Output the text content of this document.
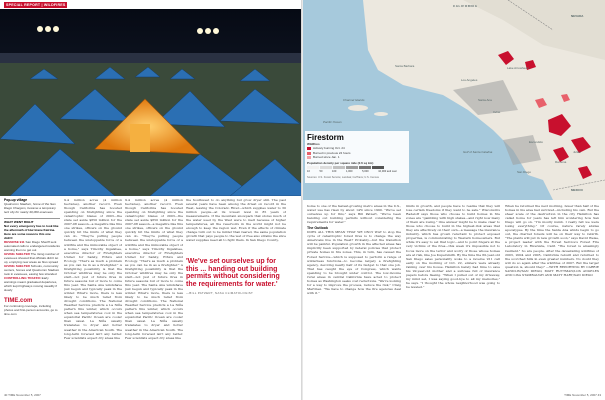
SPECIAL REPORT | WILDFIRES
Pop-up village
Qualcomm Stadium, home of the San Diego Chargers, became a temporary tent city for nearly 40,000 evacuees
WHAT WENT RIGHT
Not every emergency has to look like the aftermath of Hurricane Katrina. Here are some reasons this one didn't:
REVERSE 911 San Diego Sheriff sent automated calls to endangered residents warning them to get out
GIVING SHELTER The rising number of evacuees showed that officials didn't let up, emptying new areas as fires spread
GIVING SHELTER Schools, community centers, homes and Qualcomm Stadium took in evacuees, easing few stranded
CONTROLLING TRAFFIC Early warnings meant graduated departures, which kept highways moving steadily if slowly
TIME.com
For continuing coverage, including photos and first-person accounts, go to time.com
9.4 million acres (4 million hectares), another record. Even though California has boosted spending on firefighting since the catastrophic blazes of 2003—the state set aside $650 million for the 2007-08 season—a megafire like this one strikes, officers on the ground quickly hit the limits of what they can do. "They're putting people between the unstoppable force of a wildfire and the immovable object of a home," says Timothy Ingalsbee, executive director of Firefighters United for Safety, Ethics and Ecology. "That's as much a problem as you can be in as a firefighter." A firefighting possibility is that the October wildfires may be only the start—not just of future fires in future seasons but of more to come this year. The Santa Ana windshave just begun and typically peak in the winter. What's more, there is less likely to be much relief from drought conditions. The National Weather Service predicts a La Niña pattern this winter, which occurs when sea temperatures cool in the equatorial Pacific Ocean are cooler than usual. La Niña usually translates to dryer and hotter weather in the American South. The long-term forecast isn't any better. Few scientists expect dry areas like
9.4 million acres (4 million hectares), another record. Even though California has boosted spending on firefighting since the catastrophic blazes of 2003—the state set aside $650 million for the 2007-08 season—a megafire like this one strikes, officers on the ground quickly hit the limits of what they can do. "They're putting people between the unstoppable force of a wildfire and the immovable object of a home," says Timothy Ingalsbee, executive director of Firefighters United for Safety, Ethics and Ecology. "That's as much a problem as you can be in as a firefighter." A firefighting possibility is that the October wildfires may be only the start—not just of future fires in future seasons but of more to come this year. The Santa Ana windshave just begun and typically peak in the winter. What's more, there is less likely to be much relief from drought conditions. The National Weather Service predicts a La Niña pattern this winter, which occurs when sea temperatures cool in the equatorial Pacific Ocean are cooler than usual. La Niña usually translates to dryer and hotter weather in the American South. The long-term forecast isn't any better. Few scientists expect dry areas like
the Southwest to do anything but grow dryer still. The past several years have been among the driest on record in the West, leaving the Colorado River—which supplies water to 30 million people—at its lowest level in 85 years of measurements. If the mountain snowpack that stores much of the water used by the West were to melt because of higher temperatures, all the reservoirs in the world might not be enough to keep the region wet. Even if the effects of climate change turn out to be milder than feared, the same population growth that pays people to the wet of free also strains the slice water supplies need all to fight them. In San Diego County,
'We've set ourselves up for this ... handing out building permits without considering the requirements for water.'
—BILL PATZERT, NASA CLIMATOLOGIST
40 TIME November 5, 2007
CALIFORNIA
NEVADA
MEXICO
Pacific Ocean
Gulf of Santa Catalina
Channel Islands
Santa Barbara
Los Angeles
Irvine
San Diego
Escondido
Ramona
Julian
Lake Arrowhead
Santa Ana
Firestorm
Wildfires
Actively burning Oct. 24
Burned in previous 24 hours
Burned since Jan. 1
Population density per square mile (2.6 sq km)
10	50	100	1,000	5,000	10,000 and over
Sources: U.S. Forest Service; Landsat; CalTrans; U.S. Census
home to one of the fastest-growing metro areas in the U.S., water use has risen by about 14% since 1990. "We've set ourselves up for this," says Bill Patzert, "We've been handing out building permits without considering the requirements for water."
The Outlook
DOES ALL THIS MEAN THAT WE ONLY WAY to stop the cycle of catastrophic forest fires is to change the way Americans live in the West? Probably—but the transition will be painful. Population growth in the affected areas has implicitly been supported by federal policies that protect private homes in fire zones. This, in turn, has caused the Forest Service—which is supposed to perform a range of wilderness functions—to become largely a firefighting agency, devoting nearly half of its budget to that one job. That has caught the eye of Congress, which wants spending to be brought under control. The low-income rural areas in central California have acted to protect homes as Washington seeks cost reductions. "We're looking for a way to improve the process, reduce the risk," Craig Martinez. "We have to change how the fire agencies deal with it."
limits in growth, and people have to realize that they will lose certain freedoms if they want to be safe." Wisconsin's Radeloff says those who choose to build homes in fire zones are "gambling with high stakes—and right now many of them are losing." One answer might be to make clear to those who choose to build in the highest-risk areas that they are effectively on their own—a message the insurance industry, which has grown reluctant to protect exposed properties, is communicating to Western homeowners. But while it's easy to set that logic—and to point fingers at the very victims of the fires—this week it's impossible not to focus more on the terror and worry of those whose homes are at risk, like Joe Kupersmith. By the time the 60-year-old San Diego sales personality woke to a reverse 911 call early on the morning of Oct. 22, embers were already raining over his house. Hamilton barely had time to save his 92-year-old mother and a suitcase full of insurance papers before fleeing. "When I pulled out of my driveway, my mind set, I was saying good-bye to all my memories," he says. "I thought the whole neighborhood was going to be leveled."
When he returned the next morning, fewer than half of the homes in his area had survived—including his own. But the sheer scale of the destruction in the city Hamilton has called home for years has left him wondering how San Diego will go on. "I'm mostly numb. I really felt we were losing everything." Of course, nature rarely abides apocalypse. By the time the Santa Ana winds begin to go out, the charred forests will be on their way to rebirth. "The plants will put in new growth soon," says David Weise, a project leader with the Forest Service's Forest Fire Laboratory in Riverside, Calif. "The forest is amazingly resilient." So are people. After the devastating wildfires of 2003, 2004 and 2005, California rebuilt and returned to the scorched hills in even greater numbers. No doubt they will do so again after the wildfires of 2007. But the larger question is, should they? —WITH REPORTING BY CARRIE SANDLIN/SAN DIEGO, MATT RUTTMAN/LOS ANGELES AND LISA STAMBAUGH AND MATT HART/SAN DIEGO
TIME November 5, 2007 43
